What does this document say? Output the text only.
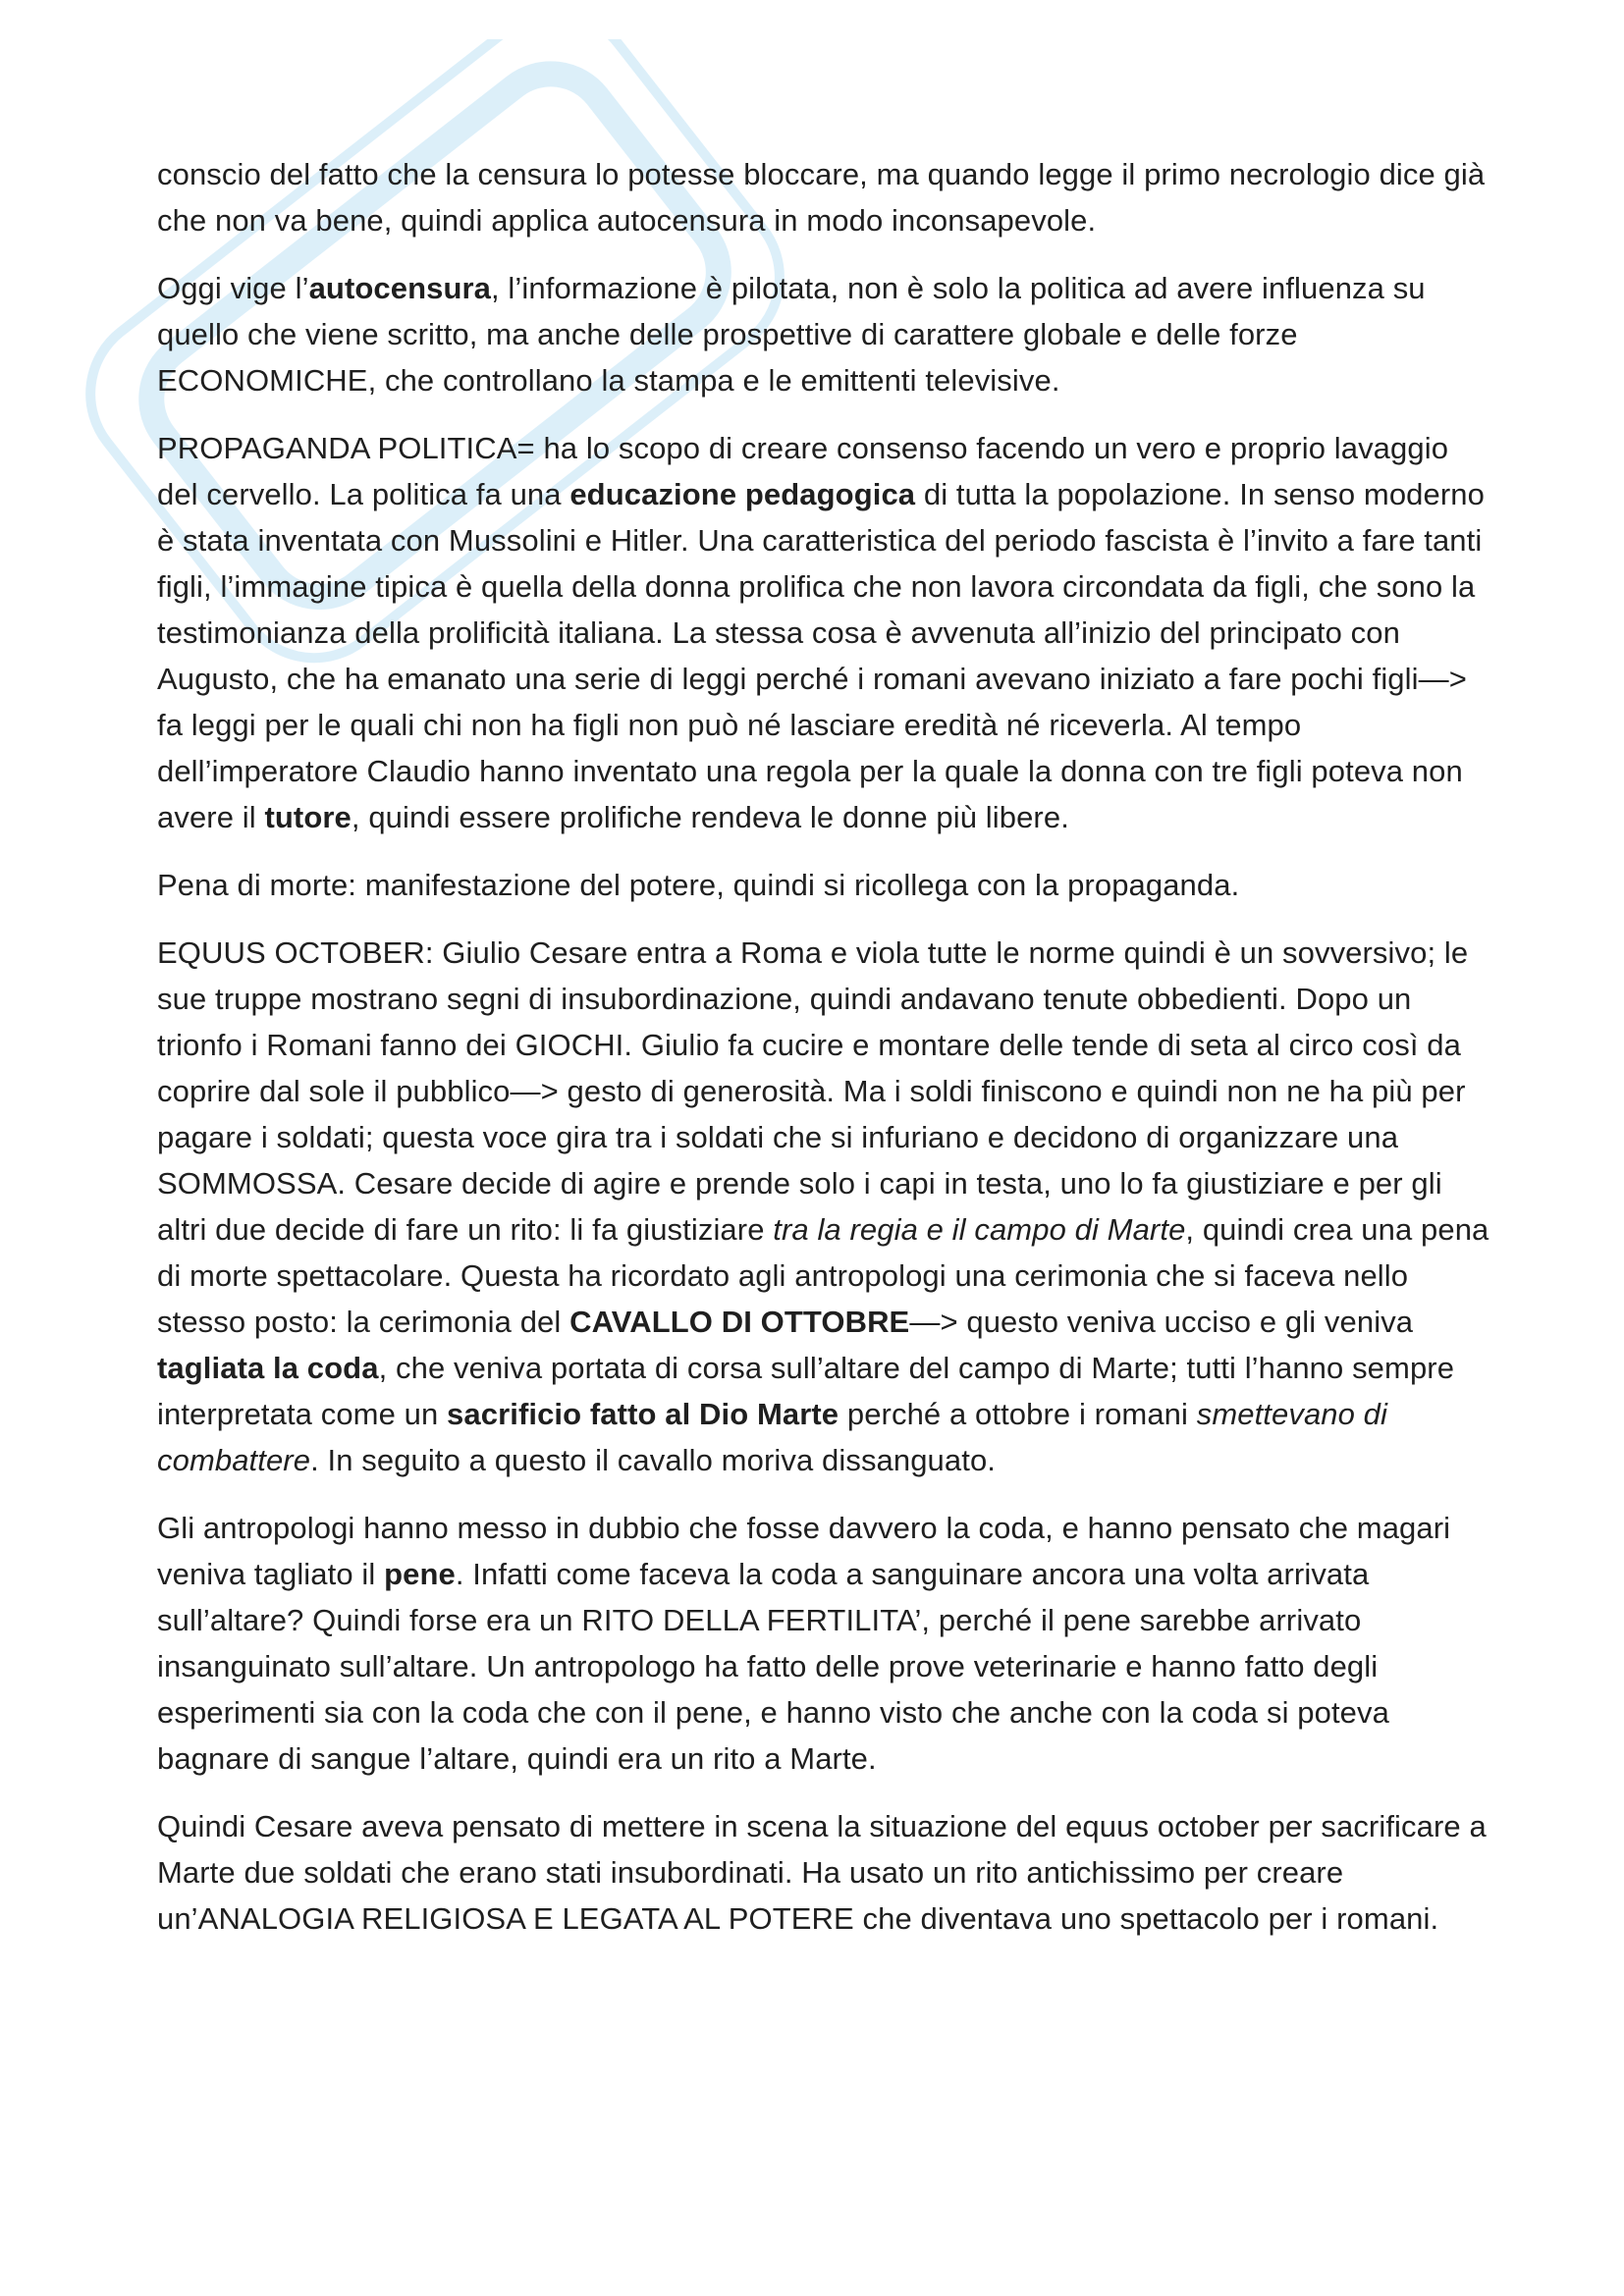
conscio del fatto che la censura lo potesse bloccare, ma quando legge il primo necrologio dice già che non va bene, quindi applica autocensura in modo inconsapevole.

Oggi vige l’autocensura, l’informazione è pilotata, non è solo la politica ad avere influenza su quello che viene scritto, ma anche delle prospettive di carattere globale e delle forze ECONOMICHE, che controllano la stampa e le emittenti televisive.

PROPAGANDA POLITICA= ha lo scopo di creare consenso facendo un vero e proprio lavaggio del cervello. La politica fa una educazione pedagogica di tutta la popolazione. In senso moderno è stata inventata con Mussolini e Hitler. Una caratteristica del periodo fascista è l’invito a fare tanti figli, l’immagine tipica è quella della donna prolifica che non lavora circondata da figli, che sono la testimonianza della prolificità italiana. La stessa cosa è avvenuta all’inizio del principato con Augusto, che ha emanato una serie di leggi perché i romani avevano iniziato a fare pochi figli—> fa leggi per le quali chi non ha figli non può né lasciare eredità né riceverla. Al tempo dell’imperatore Claudio hanno inventato una regola per la quale la donna con tre figli poteva non avere il tutore, quindi essere prolifiche rendeva le donne più libere.

Pena di morte: manifestazione del potere, quindi si ricollega con la propaganda.

EQUUS OCTOBER: Giulio Cesare entra a Roma e viola tutte le norme quindi è un sovversivo; le sue truppe mostrano segni di insubordinazione, quindi andavano tenute obbedienti. Dopo un trionfo i Romani fanno dei GIOCHI. Giulio fa cucire e montare delle tende di seta al circo così da coprire dal sole il pubblico—> gesto di generosità. Ma i soldi finiscono e quindi non ne ha più per pagare i soldati; questa voce gira tra i soldati che si infuriano e decidono di organizzare una SOMMOSSA. Cesare decide di agire e prende solo i capi in testa, uno lo fa giustiziare e per gli altri due decide di fare un rito: li fa giustiziare tra la regia e il campo di Marte, quindi crea una pena di morte spettacolare. Questa ha ricordato agli antropologi una cerimonia che si faceva nello stesso posto: la cerimonia del CAVALLO DI OTTOBRE—> questo veniva ucciso e gli veniva tagliata la coda, che veniva portata di corsa sull’altare del campo di Marte; tutti l’hanno sempre interpretata come un sacrificio fatto al Dio Marte perché a ottobre i romani smettevano di combattere. In seguito a questo il cavallo moriva dissanguato.

Gli antropologi hanno messo in dubbio che fosse davvero la coda, e hanno pensato che magari veniva tagliato il pene. Infatti come faceva la coda a sanguinare ancora una volta arrivata sull’altare? Quindi forse era un RITO DELLA FERTILITA’, perché il pene sarebbe arrivato insanguinato sull’altare. Un antropologo ha fatto delle prove veterinarie e hanno fatto degli esperimenti sia con la coda che con il pene, e hanno visto che anche con la coda si poteva bagnare di sangue l’altare, quindi era un rito a Marte.

Quindi Cesare aveva pensato di mettere in scena la situazione del equus october per sacrificare a Marte due soldati che erano stati insubordinati. Ha usato un rito antichissimo per creare un’ANALOGIA RELIGIOSA E LEGATA AL POTERE che diventava uno spettacolo per i romani.
